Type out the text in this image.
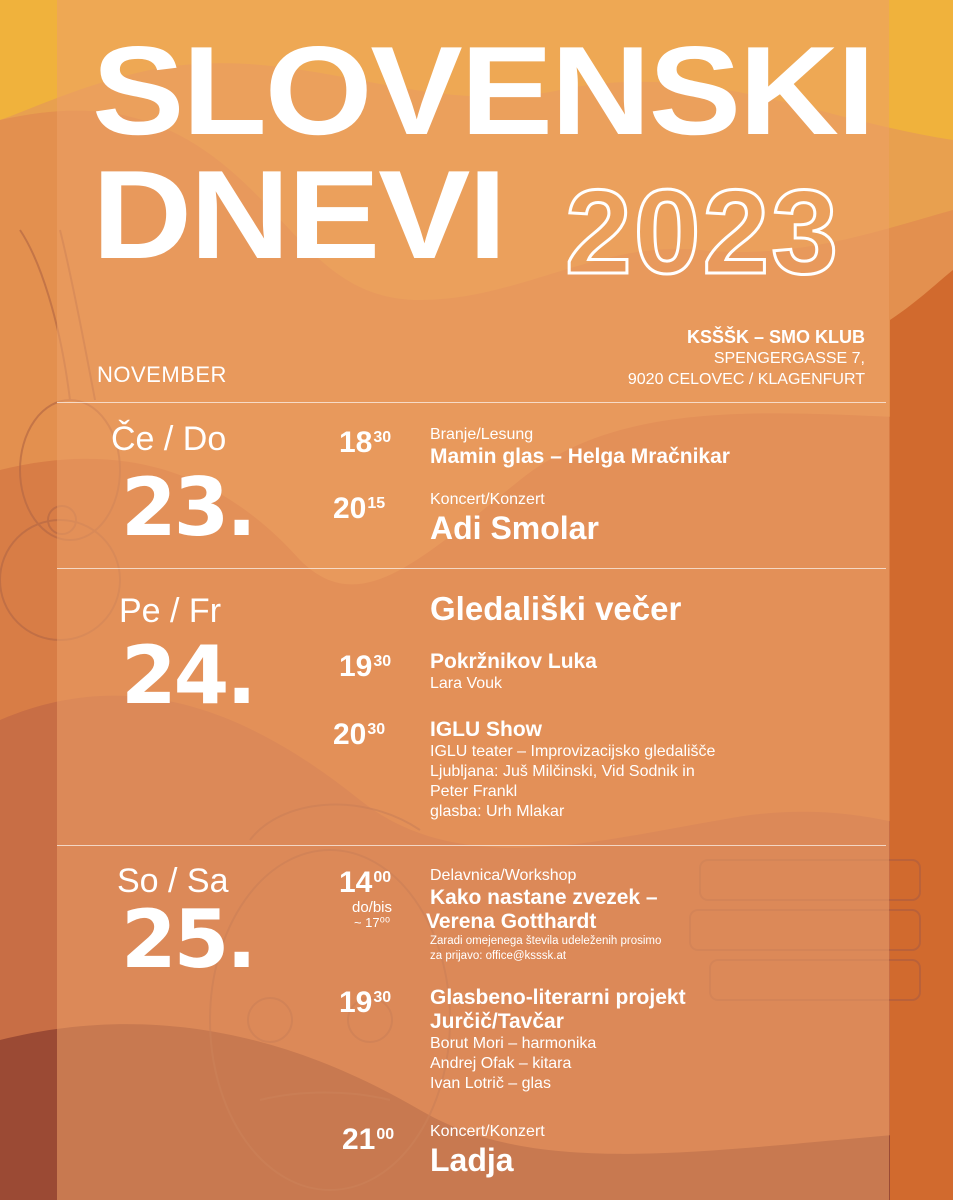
SLOVENSKI
DNEVI 2023
NOVEMBER
KSŠŠK – SMO KLUB
SPENGERGASSE 7,
9020 CELOVEC / KLAGENFURT
Če / Do
23.
$18^{30}$ Branje/Lesung
Mamin glas – Helga Mračnikar
$20^{15}$	Koncert/Konzert
Adi Smolar
Pe / Fr
24.
Gledališki večer
$19^{30}$ Pokržnikov Luka
Lara Vouk
$20^{30}$ IGLU Show
IGLU teater – Improvizacijsko gledališče
Ljubljana: Juš Milčinski, Vid Sodnik in
Peter Frankl
glasba: Urh Mlakar
So / Sa
25.
$14^{00}$
do/bis
~ 17⁰⁰
Delavnica/Workshop
Kako nastane zvezek –
Verena Gotthardt
Zaradi omejenega števila udeleženih prosimo
za prijavo: office@ksssk.at
$19^{30}$ Glasbeno-literarni projekt
Jurčič/Tavčar
Borut Mori – harmonika
Andrej Ofak – kitara
Ivan Lotrič – glas
$21^{00}$ Koncert/Konzert
Ladja
